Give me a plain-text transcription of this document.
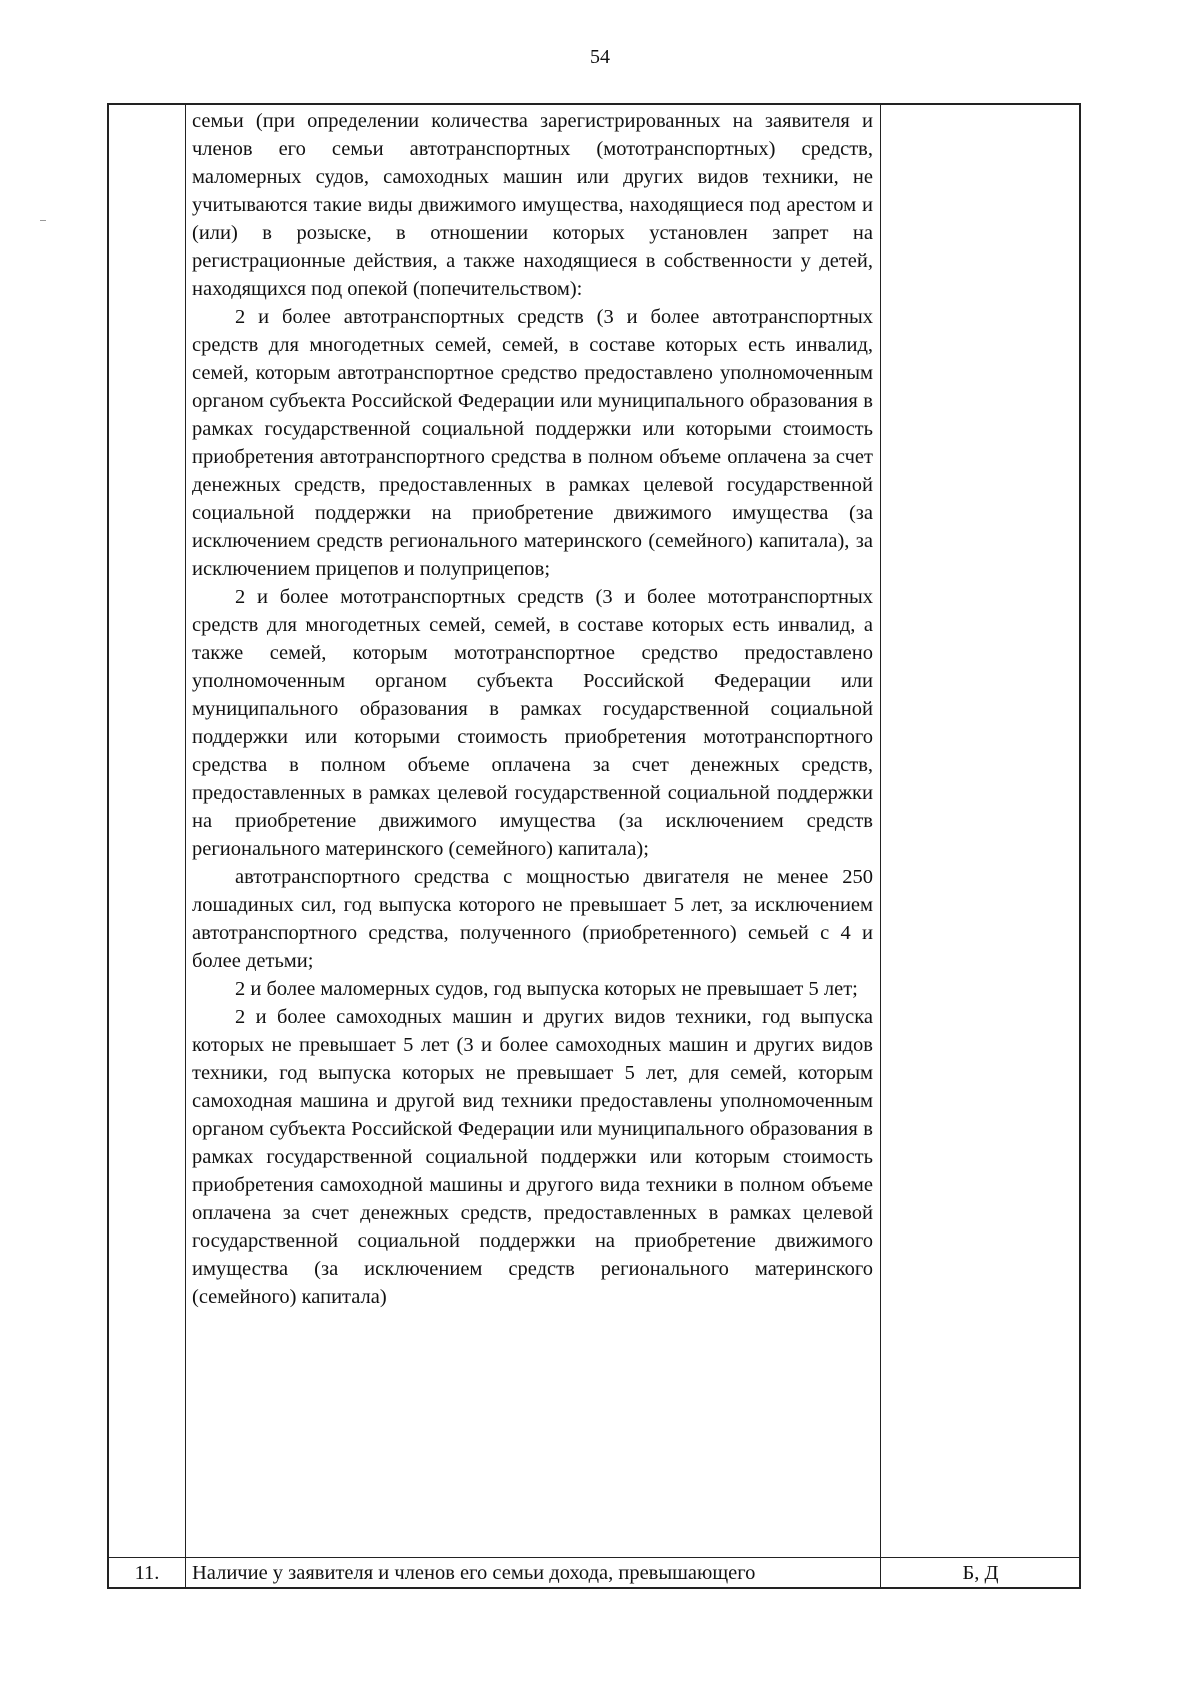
54

семьи (при определении количества зарегистрированных на заявителя и членов его семьи автотранспортных (мототранспортных) средств, маломерных судов, самоходных машин или других видов техники, не учитываются такие виды движимого имущества, находящиеся под арестом и (или) в розыске, в отношении которых установлен запрет на регистрационные действия, а также находящиеся в собственности у детей, находящихся под опекой (попечительством):

2 и более автотранспортных средств (3 и более автотранспортных средств для многодетных семей, семей, в составе которых есть инвалид, семей, которым автотранспортное средство предоставлено уполномоченным органом субъекта Российской Федерации или муниципального образования в рамках государственной социальной поддержки или которыми стоимость приобретения автотранспортного средства в полном объеме оплачена за счет денежных средств, предоставленных в рамках целевой государственной социальной поддержки на приобретение движимого имущества (за исключением средств регионального материнского (семейного) капитала), за исключением прицепов и полуприцепов;

2 и более мототранспортных средств (3 и более мототранспортных средств для многодетных семей, семей, в составе которых есть инвалид, а также семей, которым мототранспортное средство предоставлено уполномоченным органом субъекта Российской Федерации или муниципального образования в рамках государственной социальной поддержки или которыми стоимость приобретения мототранспортного средства в полном объеме оплачена за счет денежных средств, предоставленных в рамках целевой государственной социальной поддержки на приобретение движимого имущества (за исключением средств регионального материнского (семейного) капитала);

автотранспортного средства с мощностью двигателя не менее 250 лошадиных сил, год выпуска которого не превышает 5 лет, за исключением автотранспортного средства, полученного (приобретенного) семьей с 4 и более детьми;

2 и более маломерных судов, год выпуска которых не превышает 5 лет;

2 и более самоходных машин и других видов техники, год выпуска которых не превышает 5 лет (3 и более самоходных машин и других видов техники, год выпуска которых не превышает 5 лет, для семей, которым самоходная машина и другой вид техники предоставлены уполномоченным органом субъекта Российской Федерации или муниципального образования в рамках государственной социальной поддержки или которым стоимость приобретения самоходной машины и другого вида техники в полном объеме оплачена за счет денежных средств, предоставленных в рамках целевой государственной социальной поддержки на приобретение движимого имущества (за исключением средств регионального материнского (семейного) капитала)

11.	Наличие у заявителя и членов его семьи дохода, превышающего	Б, Д
